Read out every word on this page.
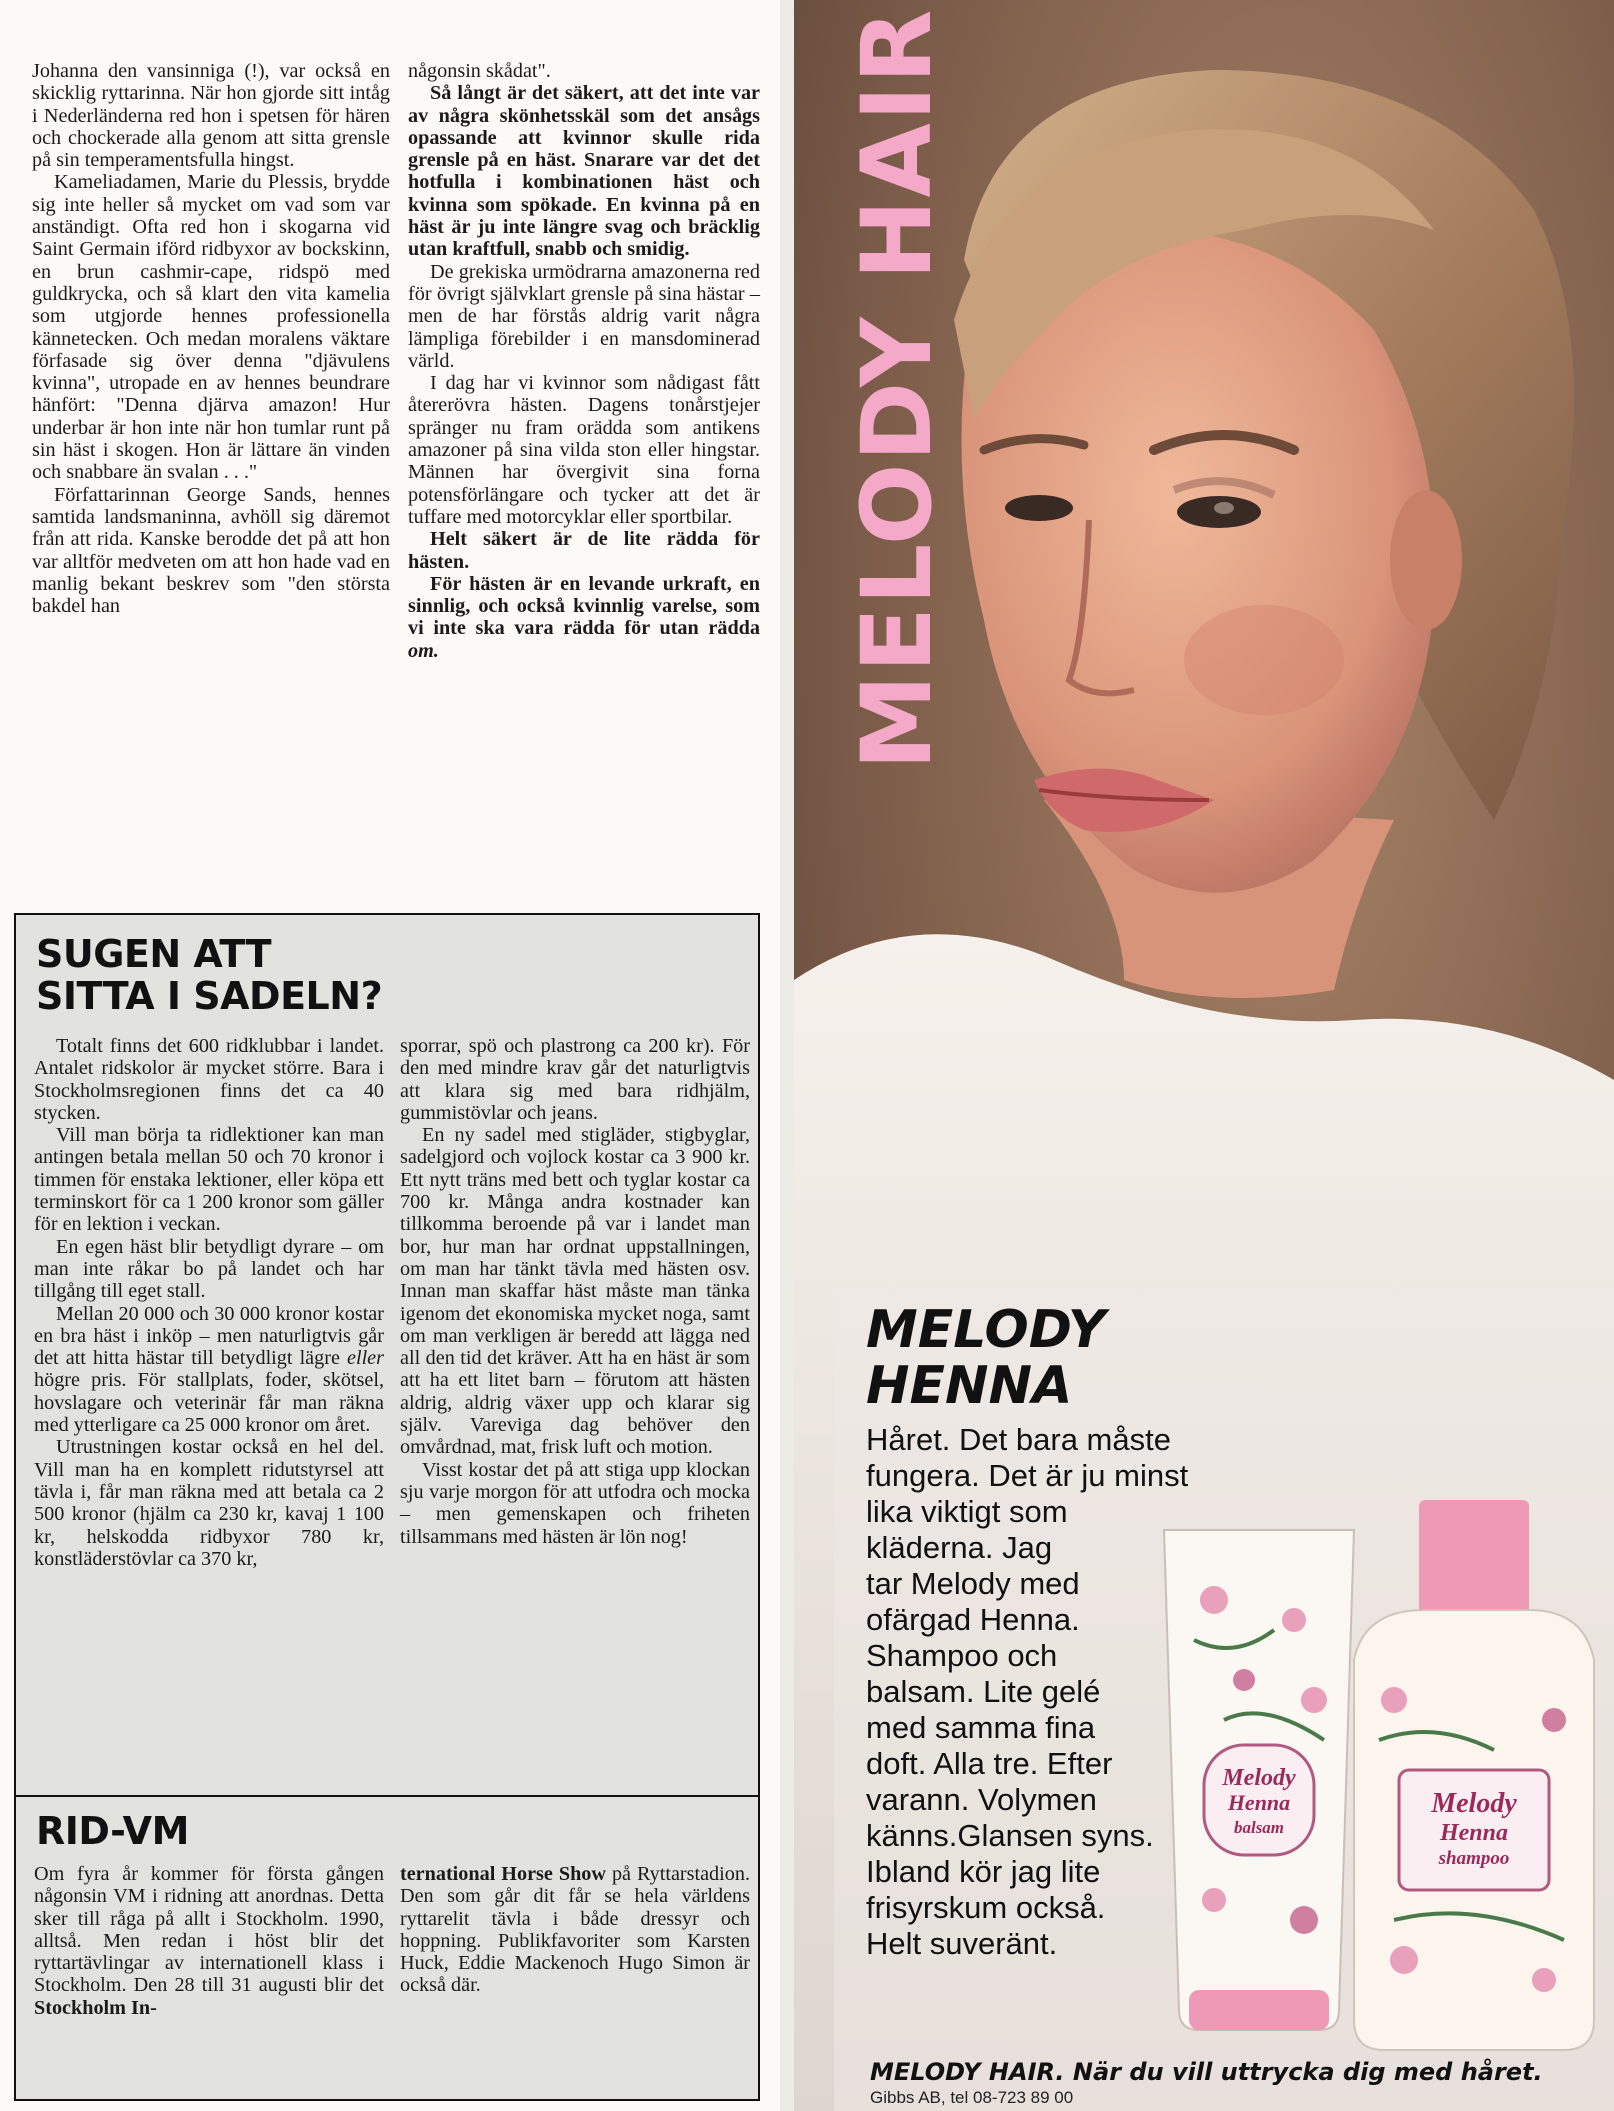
Johanna den vansinniga (!), var också en skicklig ryttarinna. När hon gjorde sitt intåg i Nederländerna red hon i spetsen för hären och chockerade alla genom att sitta grensle på sin temperamentsfulla hingst.

Kameliadamen, Marie du Plessis, brydde sig inte heller så mycket om vad som var anständigt. Ofta red hon i skogarna vid Saint Germain iförd ridbyxor av bockskinn, en brun cashmir-cape, ridspö med guldkrycka, och så klart den vita kamelia som utgjorde hennes professionella kännetecken. Och medan moralens väktare förfasade sig över denna "djävulens kvinna", utropade en av hennes beundrare hänfört: "Denna djärva amazon! Hur underbar är hon inte när hon tumlar runt på sin häst i skogen. Hon är lättare än vinden och snabbare än svalan . . ."

Författarinnan George Sands, hennes samtida landsmaninna, avhöll sig däremot från att rida. Kanske berodde det på att hon var alltför medveten om att hon hade vad en manlig bekant beskrev som "den största bakdel han

någonsin skådat".

Så långt är det säkert, att det inte var av några skönhetsskäl som det ansågs opassande att kvinnor skulle rida grensle på en häst. Snarare var det det hotfulla i kombinationen häst och kvinna som spökade. En kvinna på en häst är ju inte längre svag och bräcklig utan kraftfull, snabb och smidig.

De grekiska urmödrarna amazonerna red för övrigt självklart grensle på sina hästar – men de har förstås aldrig varit några lämpliga förebilder i en mansdominerad värld.

I dag har vi kvinnor som nådigast fått återerövra hästen. Dagens tonårstjejer spränger nu fram orädda som antikens amazoner på sina vilda ston eller hingstar. Männen har övergivit sina forna potensförlängare och tycker att det är tuffare med motorcyklar eller sportbilar.

Helt säkert är de lite rädda för hästen.

För hästen är en levande urkraft, en sinnlig, och också kvinnlig varelse, som vi inte ska vara rädda för utan rädda om.

SUGEN ATT
SITTA I SADELN?

Totalt finns det 600 ridklubbar i landet. Antalet ridskolor är mycket större. Bara i Stockholmsregionen finns det ca 40 stycken.

Vill man börja ta ridlektioner kan man antingen betala mellan 50 och 70 kronor i timmen för enstaka lektioner, eller köpa ett terminskort för ca 1 200 kronor som gäller för en lektion i veckan.

En egen häst blir betydligt dyrare – om man inte råkar bo på landet och har tillgång till eget stall.

Mellan 20 000 och 30 000 kronor kostar en bra häst i inköp – men naturligtvis går det att hitta hästar till betydligt lägre eller högre pris. För stallplats, foder, skötsel, hovslagare och veterinär får man räkna med ytterligare ca 25 000 kronor om året.

Utrustningen kostar också en hel del. Vill man ha en komplett ridutstyrsel att tävla i, får man räkna med att betala ca 2 500 kronor (hjälm ca 230 kr, kavaj 1 100 kr, helskodda ridbyxor 780 kr, konstläderstövlar ca 370 kr,

sporrar, spö och plastrong ca 200 kr). För den med mindre krav går det naturligtvis att klara sig med bara ridhjälm, gummistövlar och jeans.

En ny sadel med stigläder, stigbyglar, sadelgjord och vojlock kostar ca 3 900 kr. Ett nytt träns med bett och tyglar kostar ca 700 kr. Många andra kostnader kan tillkomma beroende på var i landet man bor, hur man har ordnat uppstallningen, om man har tänkt tävla med hästen osv. Innan man skaffar häst måste man tänka igenom det ekonomiska mycket noga, samt om man verkligen är beredd att lägga ned all den tid det kräver. Att ha en häst är som att ha ett litet barn – förutom att hästen aldrig, aldrig växer upp och klarar sig själv. Vareviga dag behöver den omvårdnad, mat, frisk luft och motion.

Visst kostar det på att stiga upp klockan sju varje morgon för att utfodra och mocka – men gemenskapen och friheten tillsammans med hästen är lön nog!

RID-VM

Om fyra år kommer för första gången någonsin VM i ridning att anordnas. Detta sker till råga på allt i Stockholm. 1990, alltså. Men redan i höst blir det ryttartävlingar av internationell klass i Stockholm. Den 28 till 31 augusti blir det Stockholm In-

ternational Horse Show på Ryttarstadion. Den som går dit får se hela världens ryttarelit tävla i både dressyr och hoppning. Publikfavoriter som Karsten Huck, Eddie Mackenoch Hugo Simon är också där.

Melody
Henna
balsam
Melody
Henna
shampoo
MELODY HAIR
MELODY
HENNA
Håret. Det bara måste
fungera. Det är ju minst
lika viktigt som
kläderna. Jag
tar Melody med
ofärgad Henna.
Shampoo och
balsam. Lite gelé
med samma fina
doft. Alla tre. Efter
varann. Volymen
känns.Glansen syns.
Ibland kör jag lite
frisyrskum också.
Helt suveränt.
MELODY HAIR. När du vill uttrycka dig med håret.
Gibbs AB, tel 08-723 89 00
